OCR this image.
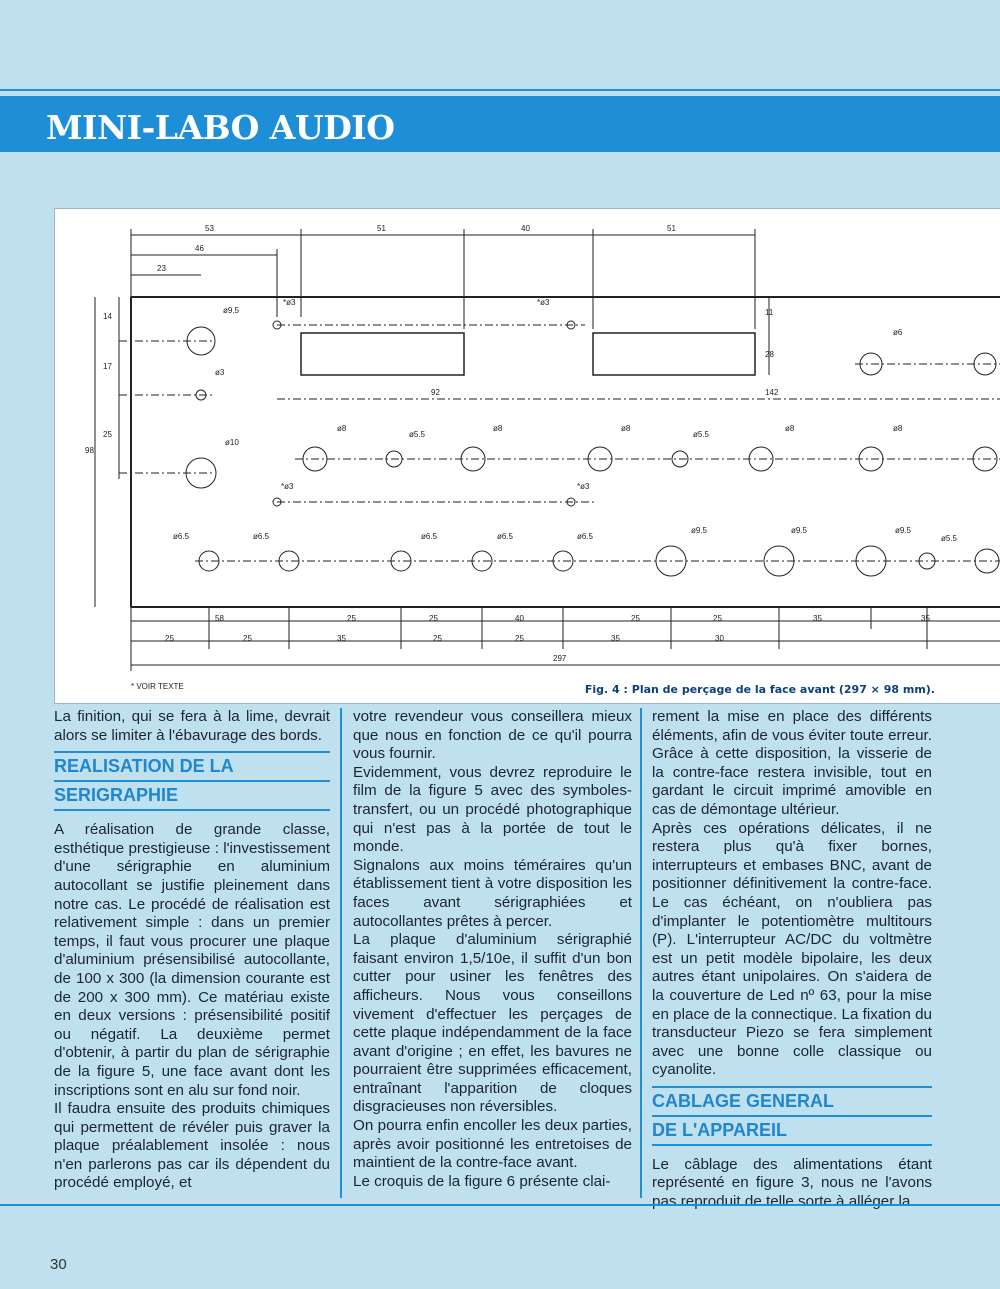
MINI-LABO AUDIO
53	51	40	51
46
23
92	142
98
14
17
25
11
28
58	25	25	40	25	25	35	35
25	25	35	25	25	35	30
297
ø9.5
ø3
ø10
*ø3	*ø3
*ø3	*ø3
ø8
ø5.5
ø8	ø8
ø5.5
ø8	ø8
ø6
ø6.5	ø6.5	ø6.5	ø6.5	ø6.5
ø9.5	ø9.5	ø9.5
ø5.5
* VOIR TEXTE	Fig. 4 : Plan de perçage de la face avant (297 × 98 mm).

La finition, qui se fera à la lime, devrait alors se limiter à l'ébavurage des bords.

REALISATION DE LA
SERIGRAPHIE

A réalisation de grande classe, esthétique prestigieuse : l'investissement d'une sérigraphie en aluminium autocollant se justifie pleinement dans notre cas. Le procédé de réalisation est relativement simple : dans un premier temps, il faut vous procurer une plaque d'aluminium présensibilisé autocollante, de 100 x 300 (la dimension courante est de 200 x 300 mm). Ce matériau existe en deux versions : présensibilité positif ou négatif. La deuxième permet d'obtenir, à partir du plan de sérigraphie de la figure 5, une face avant dont les inscriptions sont en alu sur fond noir.

Il faudra ensuite des produits chimiques qui permettent de révéler puis graver la plaque préalablement insolée : nous n'en parlerons pas car ils dépendent du procédé employé, et

votre revendeur vous conseillera mieux que nous en fonction de ce qu'il pourra vous fournir.

Evidemment, vous devrez reproduire le film de la figure 5 avec des symboles-transfert, ou un procédé photographique qui n'est pas à la portée de tout le monde.

Signalons aux moins téméraires qu'un établissement tient à votre disposition les faces avant sérigraphiées et autocollantes prêtes à percer.

La plaque d'aluminium sérigraphié faisant environ 1,5/10e, il suffit d'un bon cutter pour usiner les fenêtres des afficheurs. Nous vous conseillons vivement d'effectuer les perçages de cette plaque indépendamment de la face avant d'origine ; en effet, les bavures ne pourraient être supprimées efficacement, entraînant l'apparition de cloques disgracieuses non réversibles.

On pourra enfin encoller les deux parties, après avoir positionné les entretoises de maintient de la contre-face avant.

Le croquis de la figure 6 présente clai-

rement la mise en place des différents éléments, afin de vous éviter toute erreur. Grâce à cette disposition, la visserie de la contre-face restera invisible, tout en gardant le circuit imprimé amovible en cas de démontage ultérieur.

Après ces opérations délicates, il ne restera plus qu'à fixer bornes, interrupteurs et embases BNC, avant de positionner définitivement la contre-face. Le cas échéant, on n'oubliera pas d'implanter le potentiomètre multitours (P). L'interrupteur AC/DC du voltmètre est un petit modèle bipolaire, les deux autres étant unipolaires. On s'aidera de la couverture de Led nº 63, pour la mise en place de la connectique. La fixation du transducteur Piezo se fera simplement avec une bonne colle classique ou cyanolite.

CABLAGE GENERAL
DE L'APPAREIL

Le câblage des alimentations étant représenté en figure 3, nous ne l'avons pas reproduit de telle sorte à alléger la

30
